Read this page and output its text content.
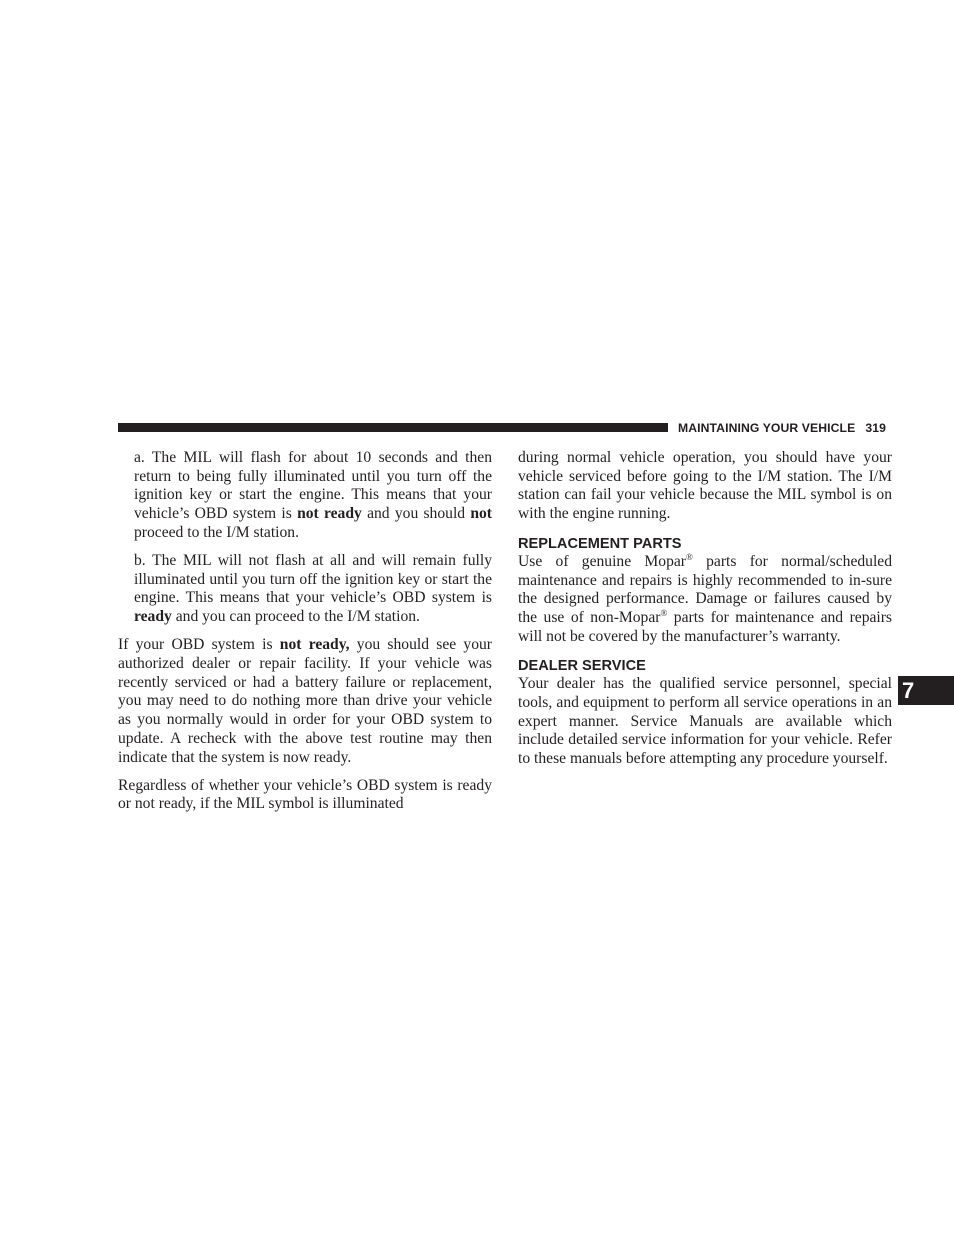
MAINTAINING YOUR VEHICLE 319

a. The MIL will flash for about 10 seconds and then return to being fully illuminated until you turn off the ignition key or start the engine. This means that your vehicle’s OBD system is not ready and you should not proceed to the I/M station.

b. The MIL will not flash at all and will remain fully illuminated until you turn off the ignition key or start the engine. This means that your vehicle’s OBD system is ready and you can proceed to the I/M station.

If your OBD system is not ready, you should see your authorized dealer or repair facility. If your vehicle was recently serviced or had a battery failure or replacement, you may need to do nothing more than drive your vehicle as you normally would in order for your OBD system to update. A recheck with the above test routine may then indicate that the system is now ready.

Regardless of whether your vehicle’s OBD system is ready or not ready, if the MIL symbol is illuminated

during normal vehicle operation, you should have your vehicle serviced before going to the I/M station. The I/M station can fail your vehicle because the MIL symbol is on with the engine running.

REPLACEMENT PARTS

Use of genuine Mopar® parts for normal/scheduled maintenance and repairs is highly recommended to in-sure the designed performance. Damage or failures caused by the use of non-Mopar® parts for maintenance and repairs will not be covered by the manufacturer’s warranty.

DEALER SERVICE

Your dealer has the qualified service personnel, special tools, and equipment to perform all service operations in an expert manner. Service Manuals are available which include detailed service information for your vehicle. Refer to these manuals before attempting any procedure yourself.

7
